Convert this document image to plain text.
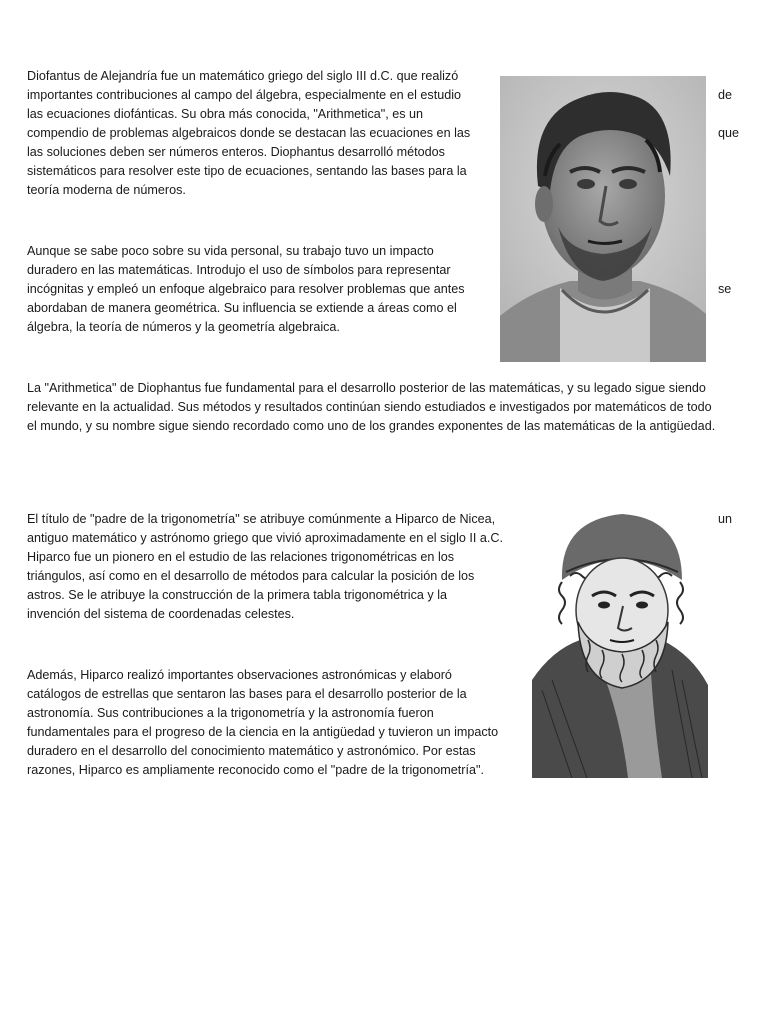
Diofantus de Alejandría fue un matemático griego del siglo III d.C. que realizó

importantes contribuciones al campo del álgebra, especialmente en el estudio

las ecuaciones diofánticas. Su obra más conocida, "Arithmetica", es un

compendio de problemas algebraicos donde se destacan las ecuaciones en las

las soluciones deben ser números enteros. Diophantus desarrolló métodos

sistemáticos para resolver este tipo de ecuaciones, sentando las bases para la

teoría moderna de números.

de

que

Aunque se sabe poco sobre su vida personal, su trabajo tuvo un impacto

duradero en las matemáticas. Introdujo el uso de símbolos para representar

incógnitas y empleó un enfoque algebraico para resolver problemas que antes

abordaban de manera geométrica. Su influencia se extiende a áreas como el

álgebra, la teoría de números y la geometría algebraica.

se

La "Arithmetica" de Diophantus fue fundamental para el desarrollo posterior de las matemáticas, y su legado sigue siendo

relevante en la actualidad. Sus métodos y resultados continúan siendo estudiados e investigados por matemáticos de todo

el mundo, y su nombre sigue siendo recordado como uno de los grandes exponentes de las matemáticas de la antigüedad.

El título de "padre de la trigonometría" se atribuye comúnmente a Hiparco de Nicea,

antiguo matemático y astrónomo griego que vivió aproximadamente en el siglo II a.C.

Hiparco fue un pionero en el estudio de las relaciones trigonométricas en los

triángulos, así como en el desarrollo de métodos para calcular la posición de los

astros. Se le atribuye la construcción de la primera tabla trigonométrica y la

invención del sistema de coordenadas celestes.

un

Además, Hiparco realizó importantes observaciones astronómicas y elaboró

catálogos de estrellas que sentaron las bases para el desarrollo posterior de la

astronomía. Sus contribuciones a la trigonometría y la astronomía fueron

fundamentales para el progreso de la ciencia en la antigüedad y tuvieron un impacto

duradero en el desarrollo del conocimiento matemático y astronómico. Por estas

razones, Hiparco es ampliamente reconocido como el "padre de la trigonometría".
